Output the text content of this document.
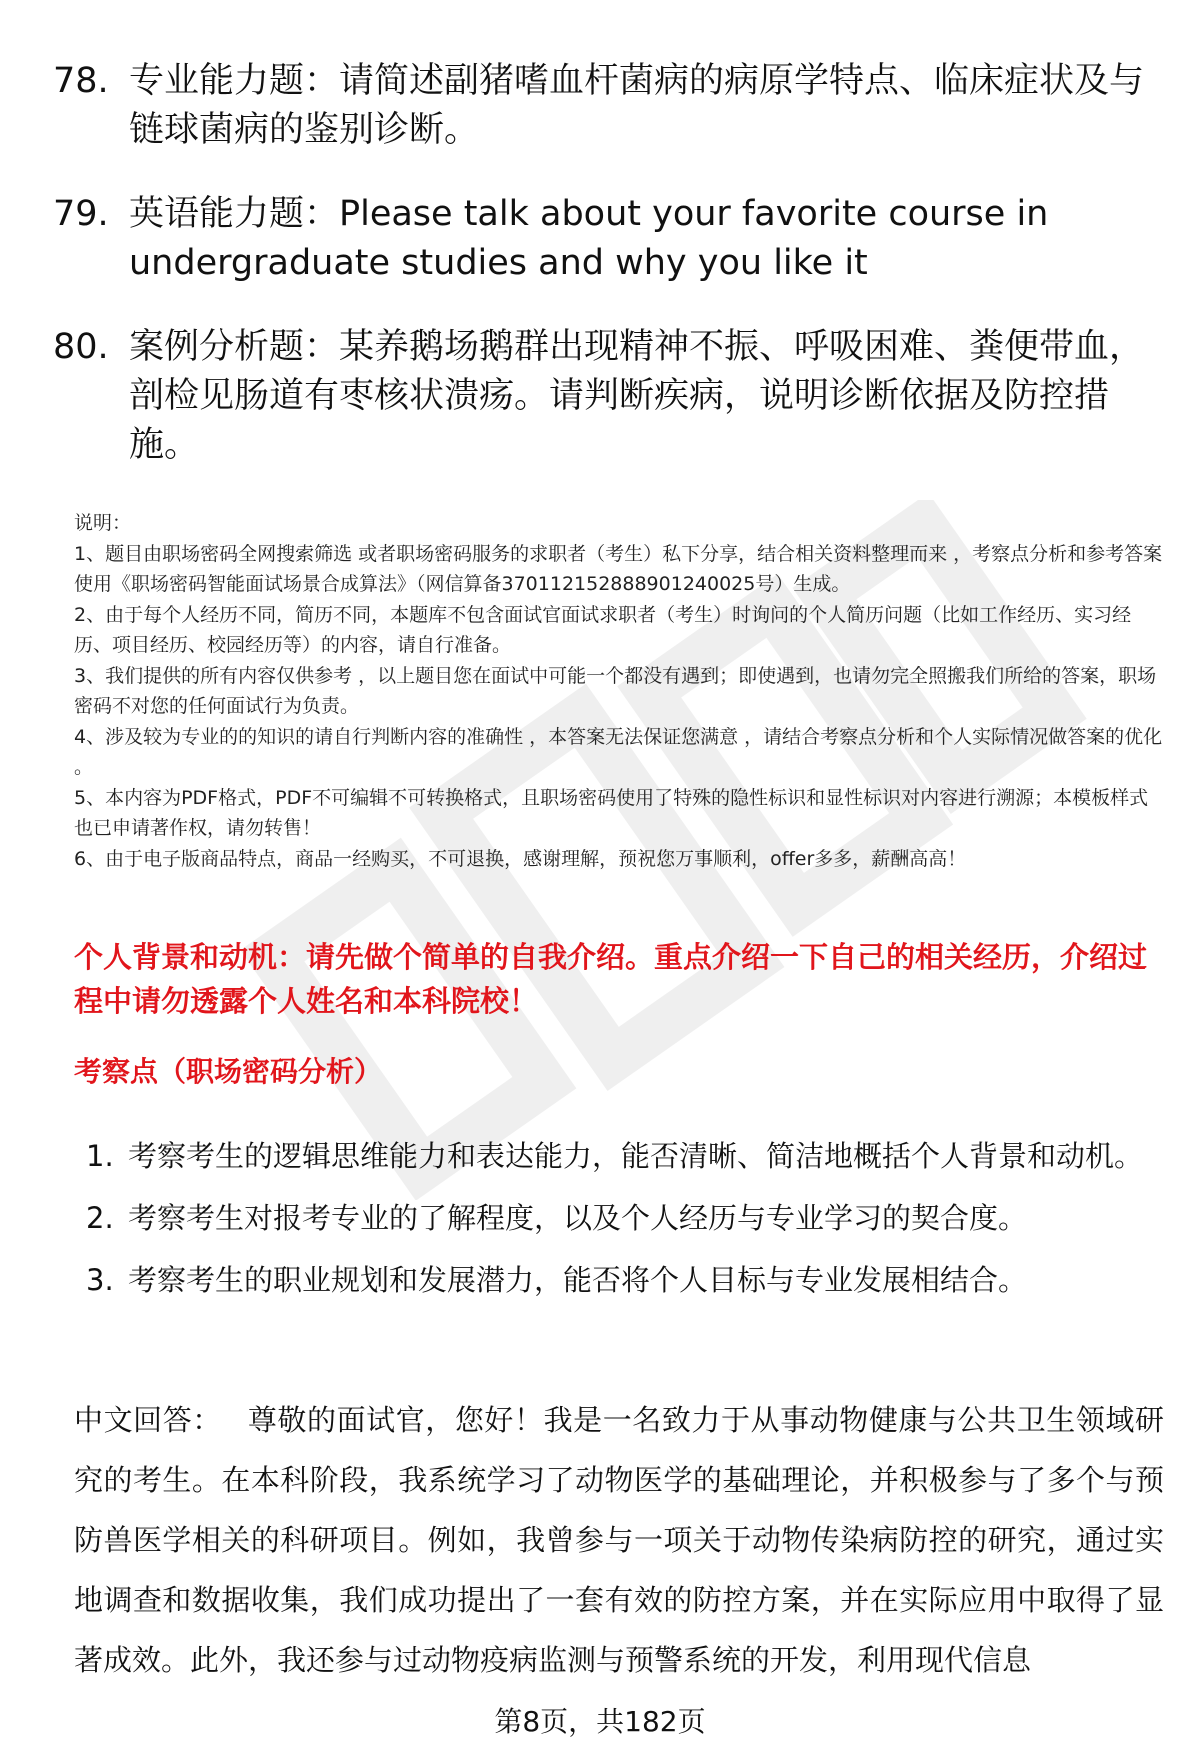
78. 专业能力题：请简述副猪嗜血杆菌病的病原学特点、临床症状及与链球菌病的鉴别诊断。
79. 英语能力题：Please talk about your favorite course in undergraduate studies and why you like it
80. 案例分析题：某养鹅场鹅群出现精神不振、呼吸困难、粪便带血，剖检见肠道有枣核状溃疡。请判断疾病，说明诊断依据及防控措施。

说明：

1、题目由职场密码全网搜索筛选 或者职场密码服务的求职者（考生）私下分享，结合相关资料整理而来 ，考察点分析和参考答案使用《职场密码智能面试场景合成算法》（网信算备370112152888901240025号）生成。

2、由于每个人经历不同，简历不同，本题库不包含面试官面试求职者（考生）时询问的个人简历问题（比如工作经历、实习经历、项目经历、校园经历等）的内容，请自行准备。

3、我们提供的所有内容仅供参考 ，以上题目您在面试中可能一个都没有遇到；即使遇到，也请勿完全照搬我们所给的答案，职场密码不对您的任何面试行为负责。

4、涉及较为专业的的知识的请自行判断内容的准确性 ，本答案无法保证您满意 ，请结合考察点分析和个人实际情况做答案的优化 。

5、本内容为PDF格式，PDF不可编辑不可转换格式，且职场密码使用了特殊的隐性标识和显性标识对内容进行溯源；本模板样式也已申请著作权，请勿转售！

6、由于电子版商品特点，商品一经购买，不可退换，感谢理解，预祝您万事顺利，offer多多，薪酬高高！

个人背景和动机：请先做个简单的自我介绍。重点介绍一下自己的相关经历，介绍过程中请勿透露个人姓名和本科院校！
考察点（职场密码分析）
1. 考察考生的逻辑思维能力和表达能力，能否清晰、简洁地概括个人背景和动机。
2. 考察考生对报考专业的了解程度，以及个人经历与专业学习的契合度。
3. 考察考生的职业规划和发展潜力，能否将个人目标与专业发展相结合。
中文回答： 尊敬的面试官，您好！我是一名致力于从事动物健康与公共卫生领域研究的考生。在本科阶段，我系统学习了动物医学的基础理论，并积极参与了多个与预防兽医学相关的科研项目。例如，我曾参与一项关于动物传染病防控的研究，通过实地调查和数据收集，我们成功提出了一套有效的防控方案，并在实际应用中取得了显著成效。此外，我还参与过动物疫病监测与预警系统的开发，利用现代信息
第8页，共182页
